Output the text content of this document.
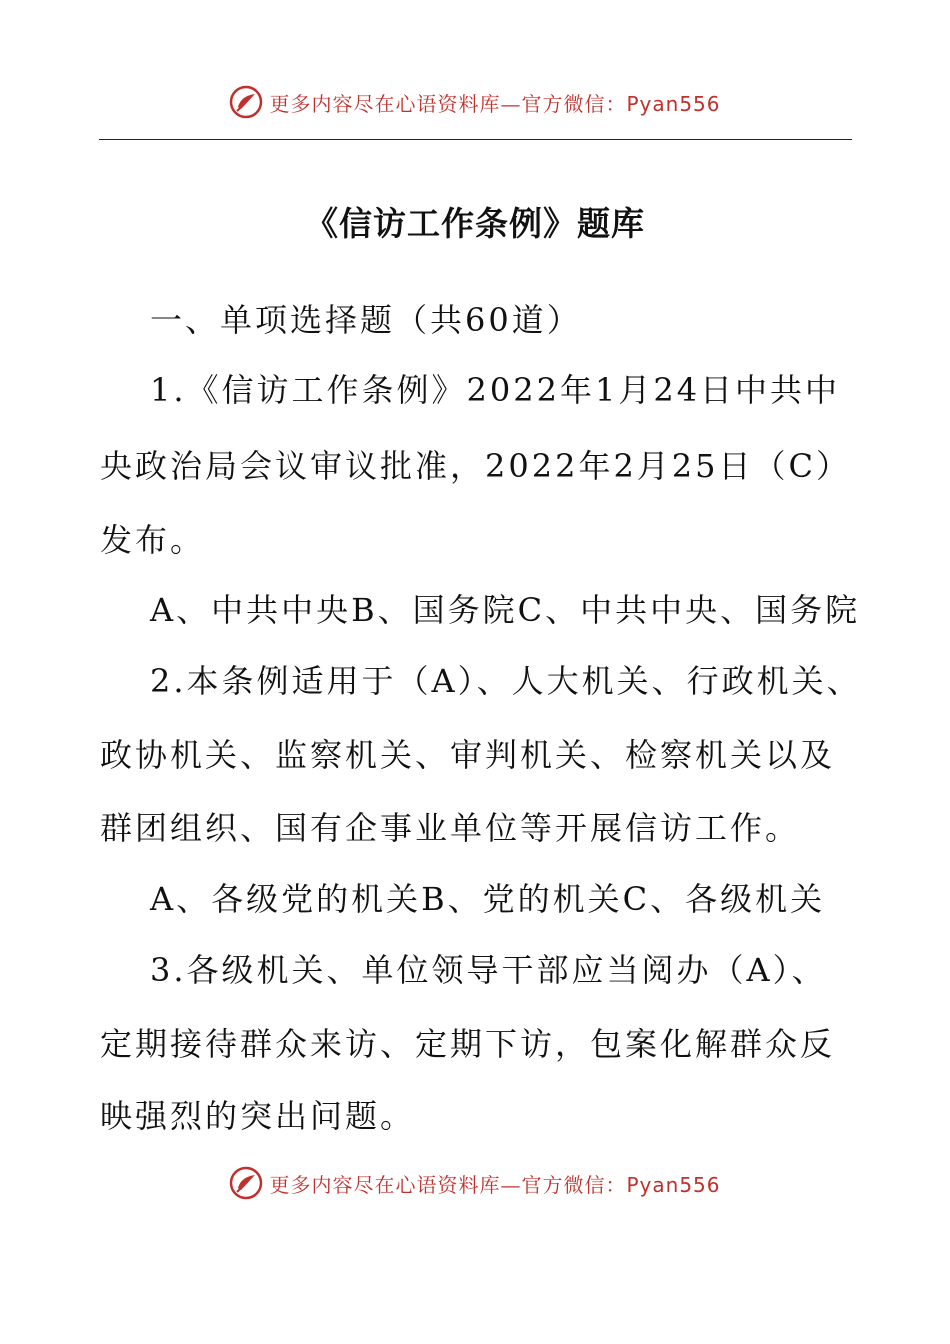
更多内容尽在心语资料库—官方微信：Pyan556
《信访工作条例》题库
一、单项选择题（共60道）
1.《信访工作条例》2022年1月24日中共中
央政治局会议审议批准，2022年2月25日（C）
发布。
A、中共中央B、国务院C、中共中央、国务院
2.本条例适用于（A）、人大机关、行政机关、
政协机关、监察机关、审判机关、检察机关以及
群团组织、国有企事业单位等开展信访工作。
A、各级党的机关B、党的机关C、各级机关
3.各级机关、单位领导干部应当阅办（A）、
定期接待群众来访、定期下访，包案化解群众反
映强烈的突出问题。
更多内容尽在心语资料库—官方微信：Pyan556
